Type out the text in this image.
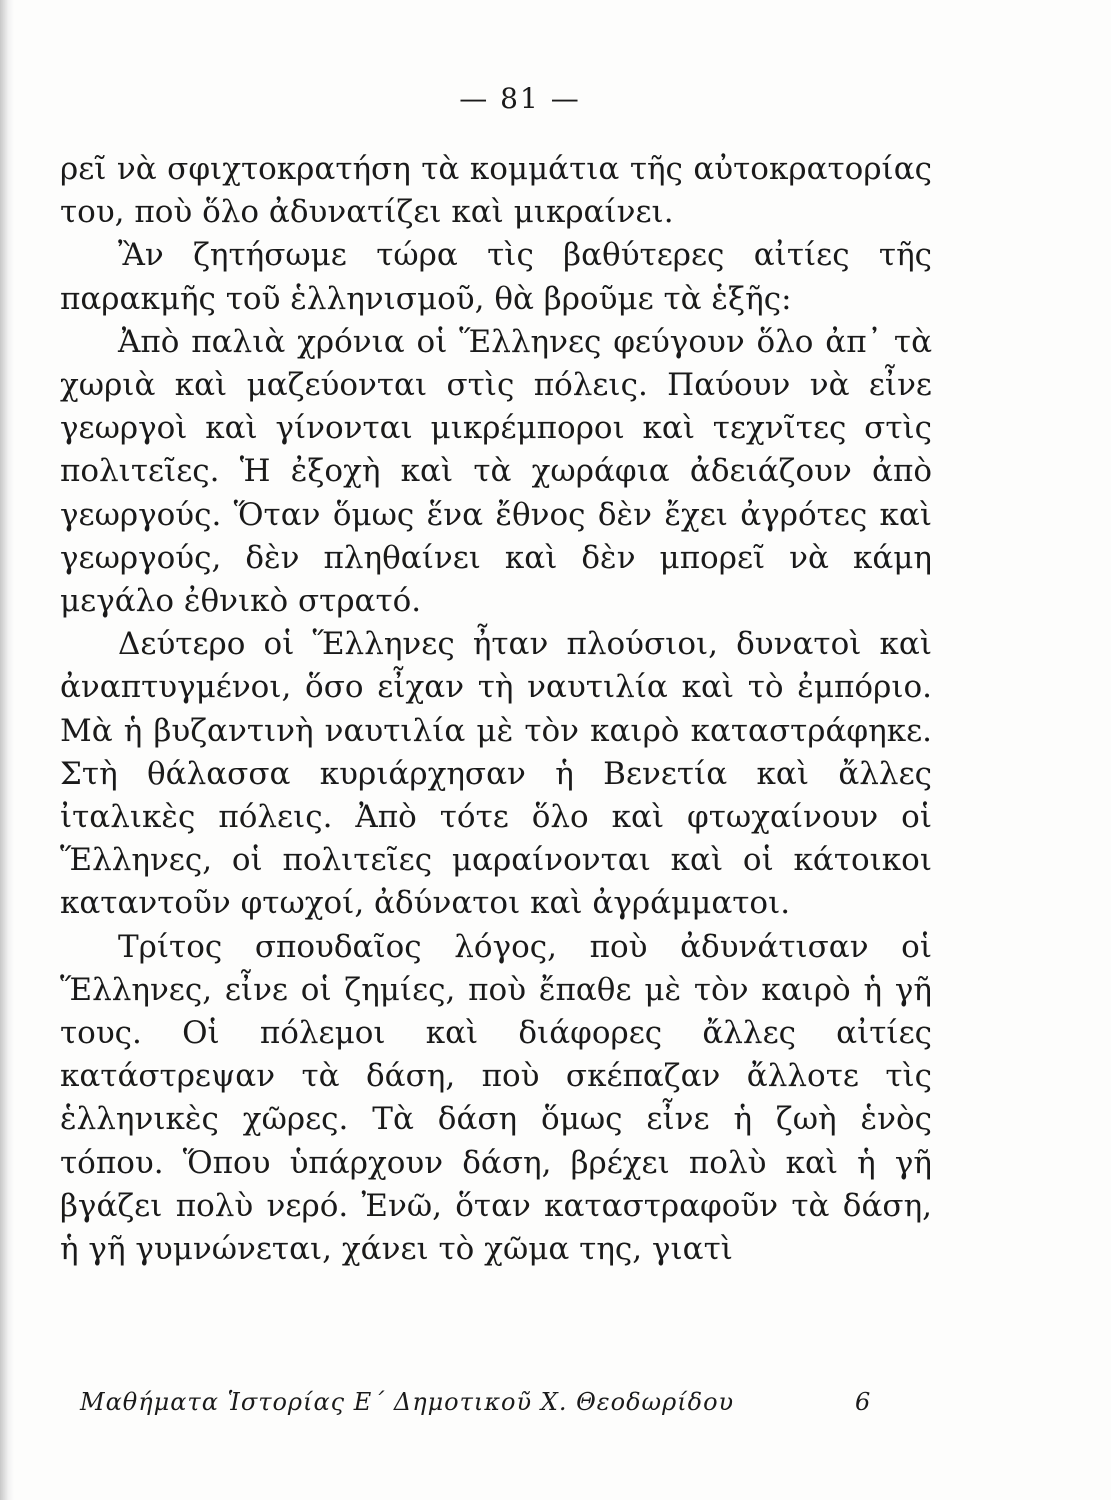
— 81 —

ρεῖ νὰ σφιχτοκρατήση τὰ κομμάτια τῆς αὐτοκρατορίας του, ποὺ ὅλο ἀδυνατίζει καὶ μικραίνει.

Ἂν ζητήσωμε τώρα τὶς βαθύτερες αἰτίες τῆς παρακμῆς τοῦ ἑλληνισμοῦ, θὰ βροῦμε τὰ ἑξῆς:

Ἀπὸ παλιὰ χρόνια οἱ Ἕλληνες φεύγουν ὅλο ἀπ᾿ τὰ χωριὰ καὶ μαζεύονται στὶς πόλεις. Παύουν νὰ εἶνε γεωργοὶ καὶ γίνονται μικρέμποροι καὶ τεχνῖτες στὶς πολιτεῖες. Ἡ ἐξοχὴ καὶ τὰ χωράφια ἀδειάζουν ἀπὸ γεωργούς. Ὅταν ὅμως ἕνα ἔθνος δὲν ἔχει ἀγρότες καὶ γεωργούς, δὲν πληθαίνει καὶ δὲν μπορεῖ νὰ κάμη μεγάλο ἐθνικὸ στρατό.

Δεύτερο οἱ Ἕλληνες ἦταν πλούσιοι, δυνατοὶ καὶ ἀναπτυγμένοι, ὅσο εἶχαν τὴ ναυτιλία καὶ τὸ ἐμπόριο. Μὰ ἡ βυζαντινὴ ναυτιλία μὲ τὸν καιρὸ καταστράφηκε. Στὴ θάλασσα κυριάρχησαν ἡ Βενετία καὶ ἄλλες ἰταλικὲς πόλεις. Ἀπὸ τότε ὅλο καὶ φτωχαίνουν οἱ Ἕλληνες, οἱ πολιτεῖες μαραίνονται καὶ οἱ κάτοικοι καταντοῦν φτωχοί, ἀδύνατοι καὶ ἀγράμματοι.

Τρίτος σπουδαῖος λόγος, ποὺ ἀδυνάτισαν οἱ Ἕλληνες, εἶνε οἱ ζημίες, ποὺ ἔπαθε μὲ τὸν καιρὸ ἡ γῆ τους. Οἱ πόλεμοι καὶ διάφορες ἄλλες αἰτίες κατάστρεψαν τὰ δάση, ποὺ σκέπαζαν ἄλλοτε τὶς ἑλληνικὲς χῶρες. Τὰ δάση ὅμως εἶνε ἡ ζωὴ ἑνὸς τόπου. Ὅπου ὑπάρχουν δάση, βρέχει πολὺ καὶ ἡ γῆ βγάζει πολὺ νερό. Ἐνῶ, ὅταν καταστραφοῦν τὰ δάση, ἡ γῆ γυμνώνεται, χάνει τὸ χῶμα της, γιατὶ

Μαθήματα Ἱστορίας Ε΄ Δημοτικοῦ Χ. Θεοδωρίδου	6
